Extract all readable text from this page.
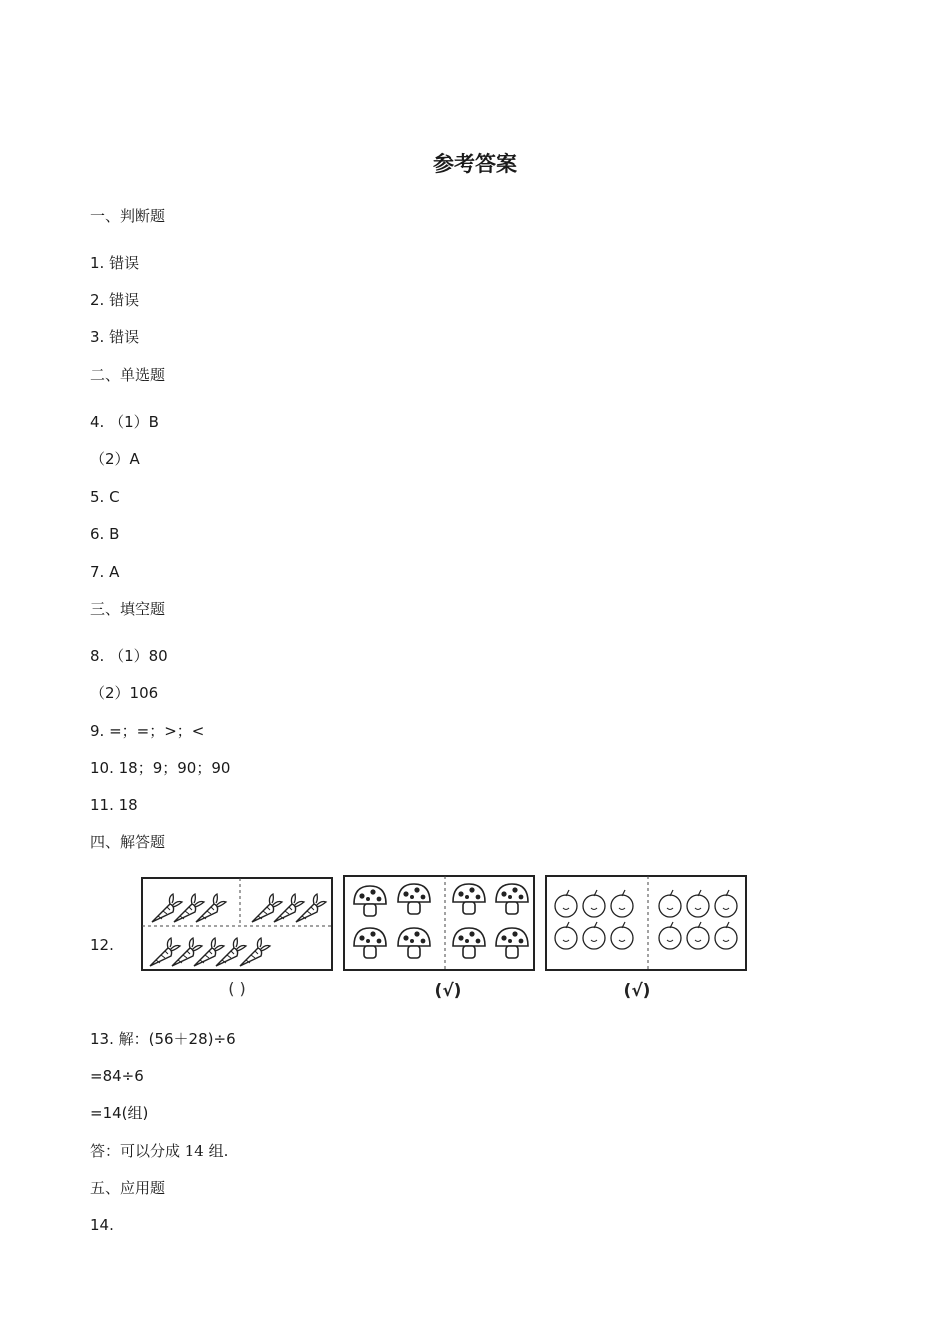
参考答案
一、判断题
1. 错误
2. 错误
3. 错误
二、单选题
4. （1）B
（2）A
5. C
6. B
7. A
三、填空题
8. （1）80
（2）106
9. =；=；>；<
10. 18；9；90；90
11. 18
四、解答题
12.
( )	(√)	(√)
13. 解：(56＋28)÷6
=84÷6
=14(组)
答：可以分成 14 组.
五、应用题
14.
